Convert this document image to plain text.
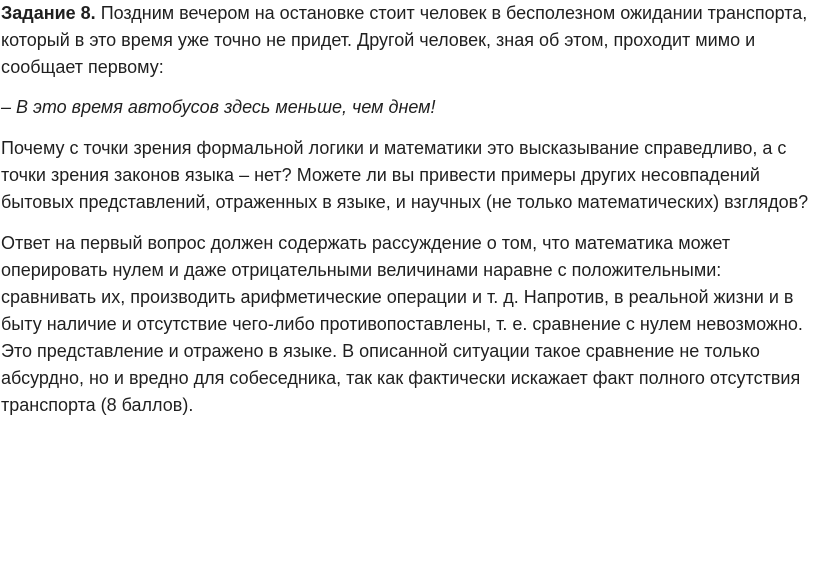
Задание 8. Поздним вечером на остановке стоит человек в бесполезном ожидании транспорта, который в это время уже точно не придет. Другой человек, зная об этом, проходит мимо и сообщает первому:

– В это время автобусов здесь меньше, чем днем!

Почему с точки зрения формальной логики и математики это высказывание справедливо, а с точки зрения законов языка – нет? Можете ли вы привести примеры других несовпадений бытовых представлений, отраженных в языке, и научных (не только математических) взглядов?

Ответ на первый вопрос должен содержать рассуждение о том, что математика может оперировать нулем и даже отрицательными величинами наравне с положительными: сравнивать их, производить арифметические операции и т. д. Напротив, в реальной жизни и в быту наличие и отсутствие чего-либо противопоставлены, т. е. сравнение с нулем невозможно. Это представление и отражено в языке. В описанной ситуации такое сравнение не только абсурдно, но и вредно для собеседника, так как фактически искажает факт полного отсутствия транспорта (8 баллов).
